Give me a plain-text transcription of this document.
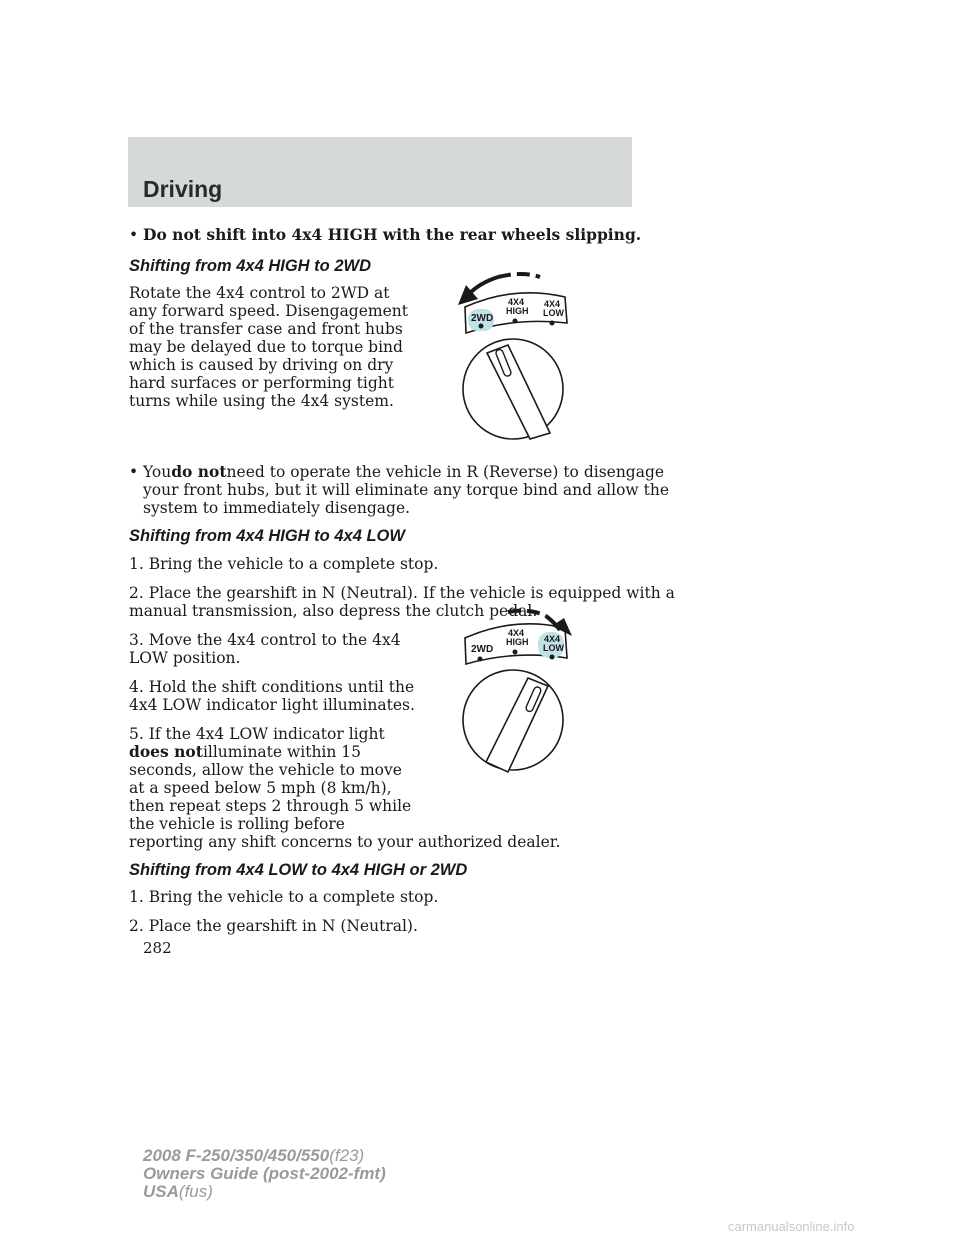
Driving
• Do not shift into 4x4 HIGH with the rear wheels slipping.

Shifting from 4x4 HIGH to 2WD

Rotate the 4x4 control to 2WD at

any forward speed. Disengagement

of the transfer case and front hubs

may be delayed due to torque bind

which is caused by driving on dry

hard surfaces or performing tight

turns while using the 4x4 system.

2WD
4X4
HIGH
4X4
LOW
• Youdo notneed to operate the vehicle in R (Reverse) to disengage

your front hubs, but it will eliminate any torque bind and allow the

system to immediately disengage.

Shifting from 4x4 HIGH to 4x4 LOW

1. Bring the vehicle to a complete stop.

2. Place the gearshift in N (Neutral). If the vehicle is equipped with a

manual transmission, also depress the clutch pedal.

3. Move the 4x4 control to the 4x4

LOW position.

4. Hold the shift conditions until the

4x4 LOW indicator light illuminates.

5. If the 4x4 LOW indicator light

does notilluminate within 15

seconds, allow the vehicle to move

at a speed below 5 mph (8 km/h),

then repeat steps 2 through 5 while

the vehicle is rolling before

reporting any shift concerns to your authorized dealer.

2WD
4X4
HIGH 4X4
LOW
Shifting from 4x4 LOW to 4x4 HIGH or 2WD

1. Bring the vehicle to a complete stop.

2. Place the gearshift in N (Neutral).

282
2008 F-250/350/450/550(f23)
Owners Guide (post-2002-fmt)
USA(fus)
carmanualsonline.info
